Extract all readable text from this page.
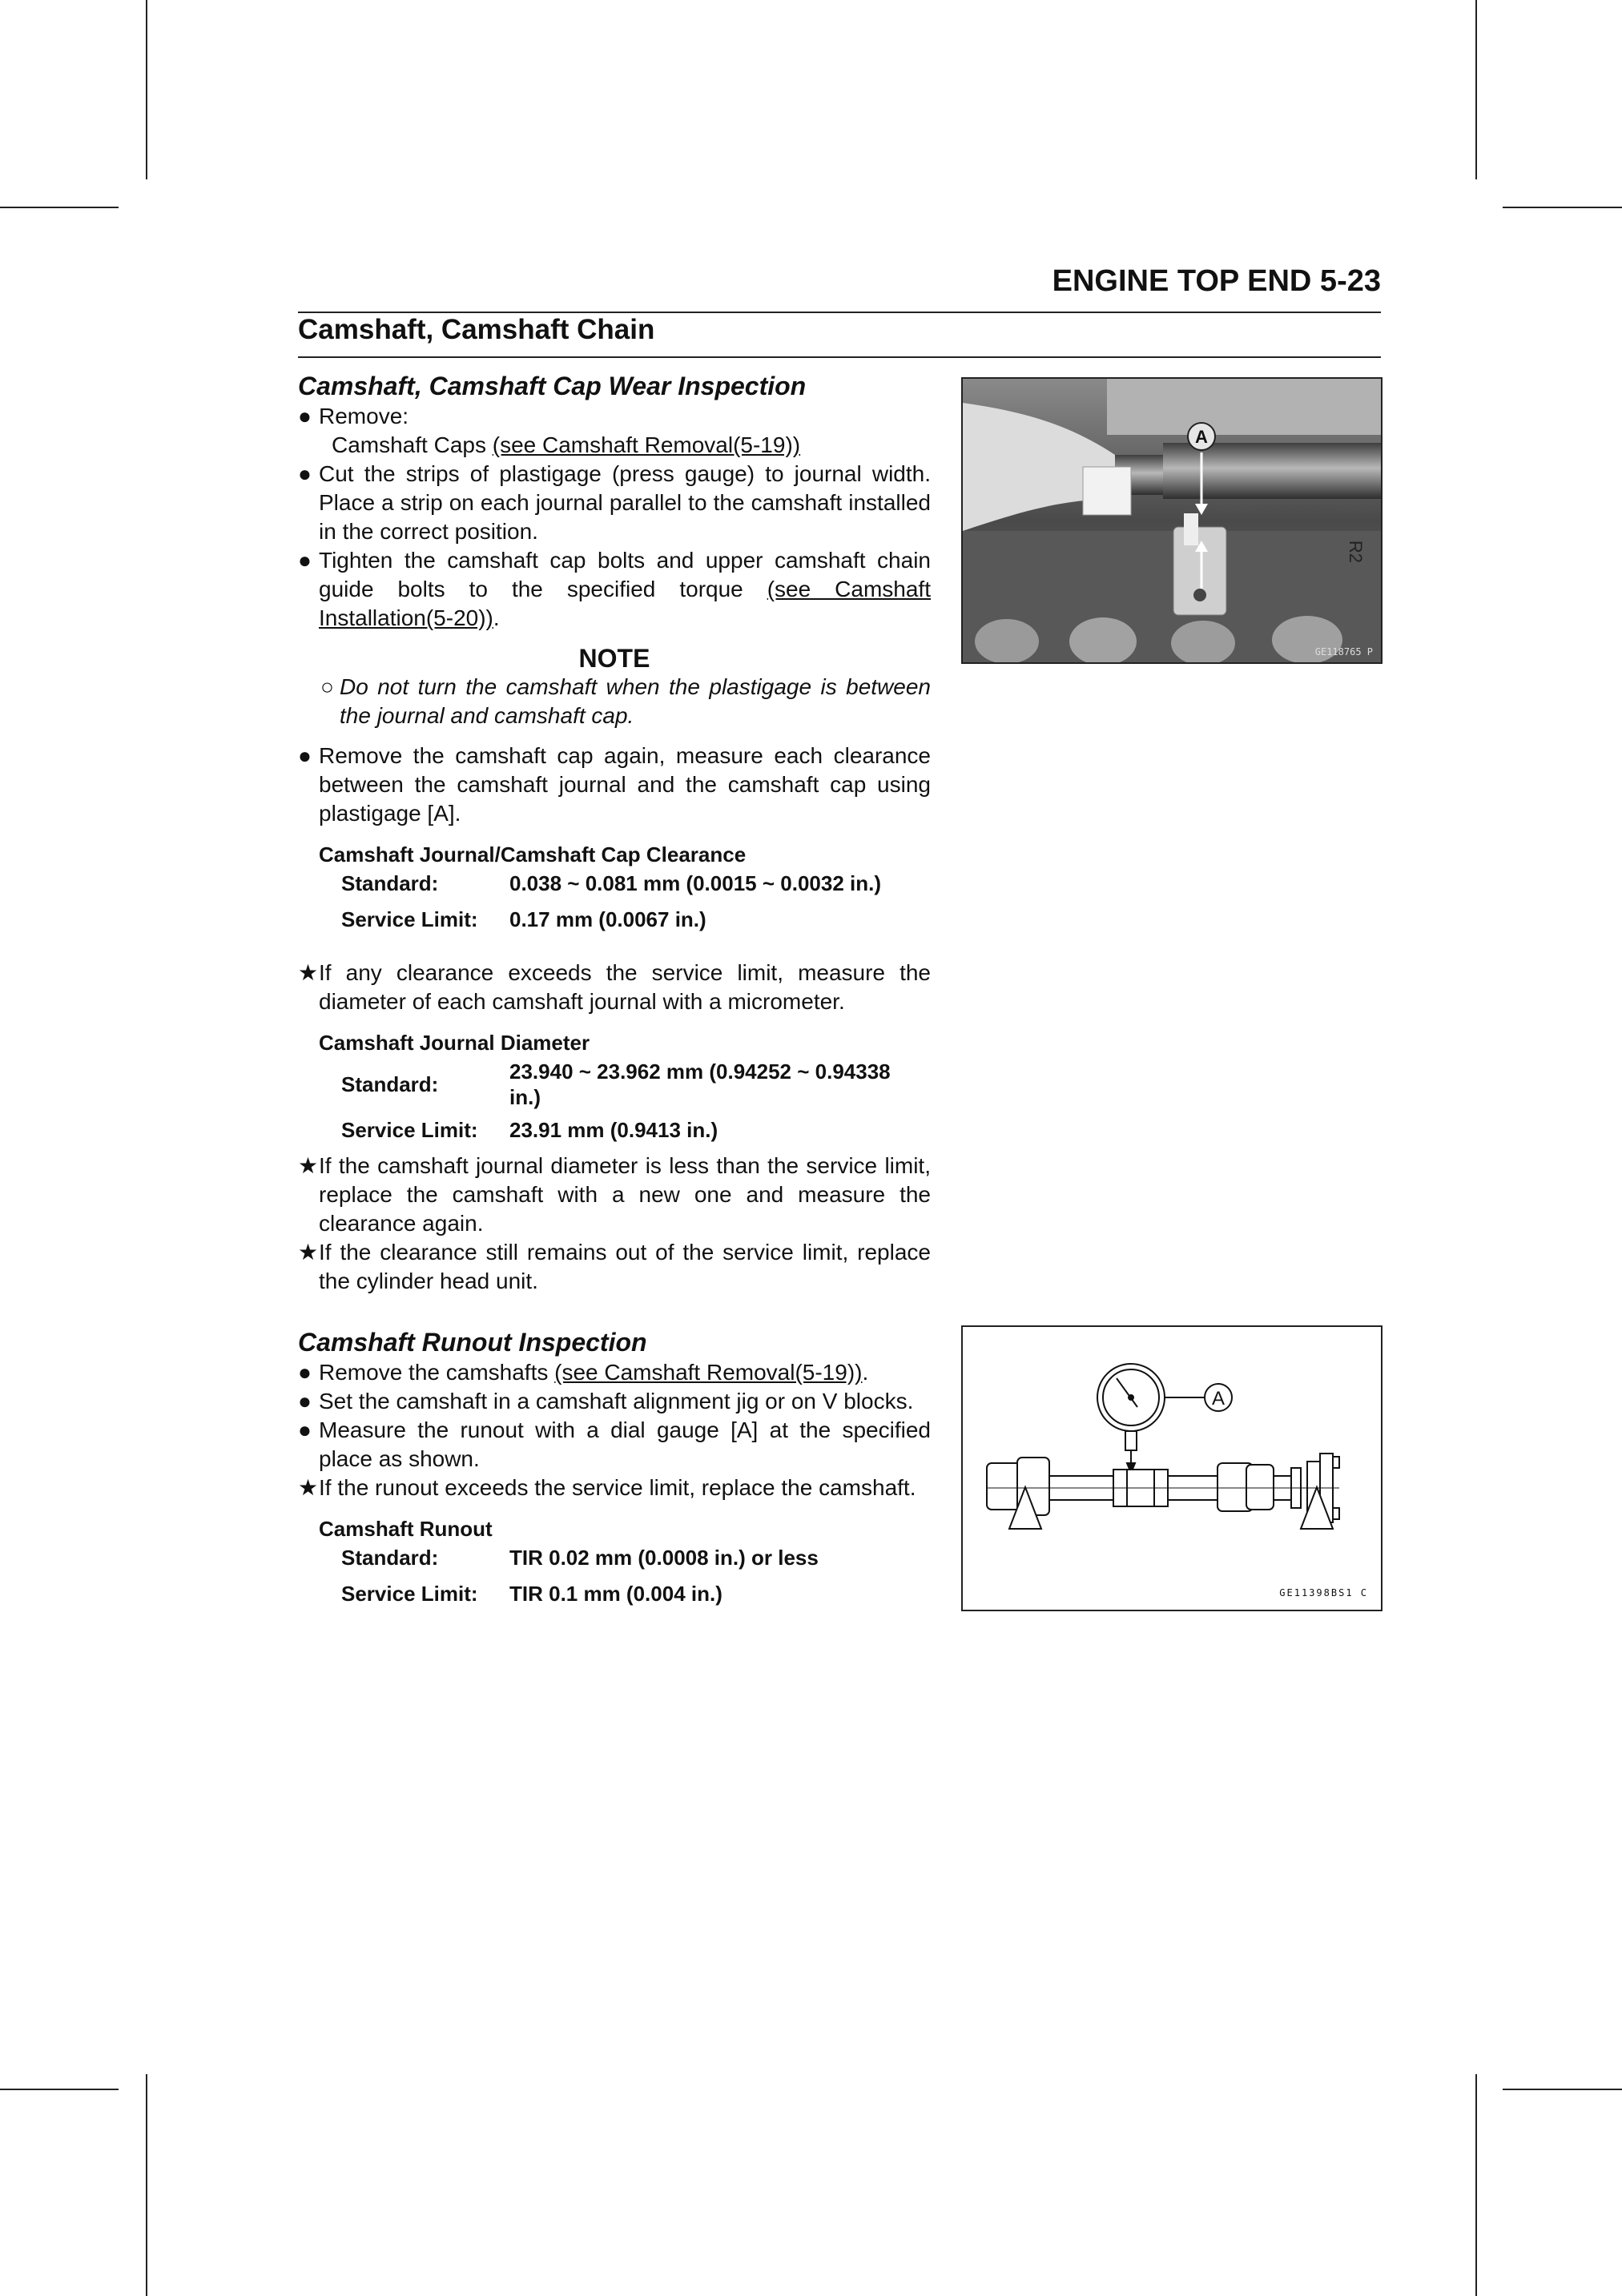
ENGINE TOP END 5-23
Camshaft, Camshaft Chain

Camshaft, Camshaft Cap Wear Inspection

● Remove:

Camshaft Caps (see Camshaft Removal(5-19))

● Cut the strips of plastigage (press gauge) to journal width. Place a strip on each journal parallel to the camshaft installed in the correct position.

● Tighten the camshaft cap bolts and upper camshaft chain guide bolts to the specified torque (see Camshaft Installation(5-20)).

NOTE

○ Do not turn the camshaft when the plastigage is between the journal and camshaft cap.

● Remove the camshaft cap again, measure each clearance between the camshaft journal and the camshaft cap using plastigage [A].

Camshaft Journal/Camshaft Cap Clearance
Standard:	0.038 ~ 0.081 mm (0.0015 ~ 0.0032 in.)
Service Limit:	0.17 mm (0.0067 in.)

★ If any clearance exceeds the service limit, measure the diameter of each camshaft journal with a micrometer.

Camshaft Journal Diameter
Standard:	23.940 ~ 23.962 mm (0.94252 ~ 0.94338 in.)
Service Limit:	23.91 mm (0.9413 in.)

★ If the camshaft journal diameter is less than the service limit, replace the camshaft with a new one and measure the clearance again.

★ If the clearance still remains out of the service limit, replace the cylinder head unit.

Camshaft Runout Inspection

● Remove the camshafts (see Camshaft Removal(5-19)).

● Set the camshaft in a camshaft alignment jig or on V blocks.

● Measure the runout with a dial gauge [A] at the specified place as shown.

★ If the runout exceeds the service limit, replace the camshaft.

Camshaft Runout
Standard:	TIR 0.02 mm (0.0008 in.) or less
Service Limit:	TIR 0.1 mm (0.004 in.)
A
R2
GE118765 P
A
GE11398BS1 C
